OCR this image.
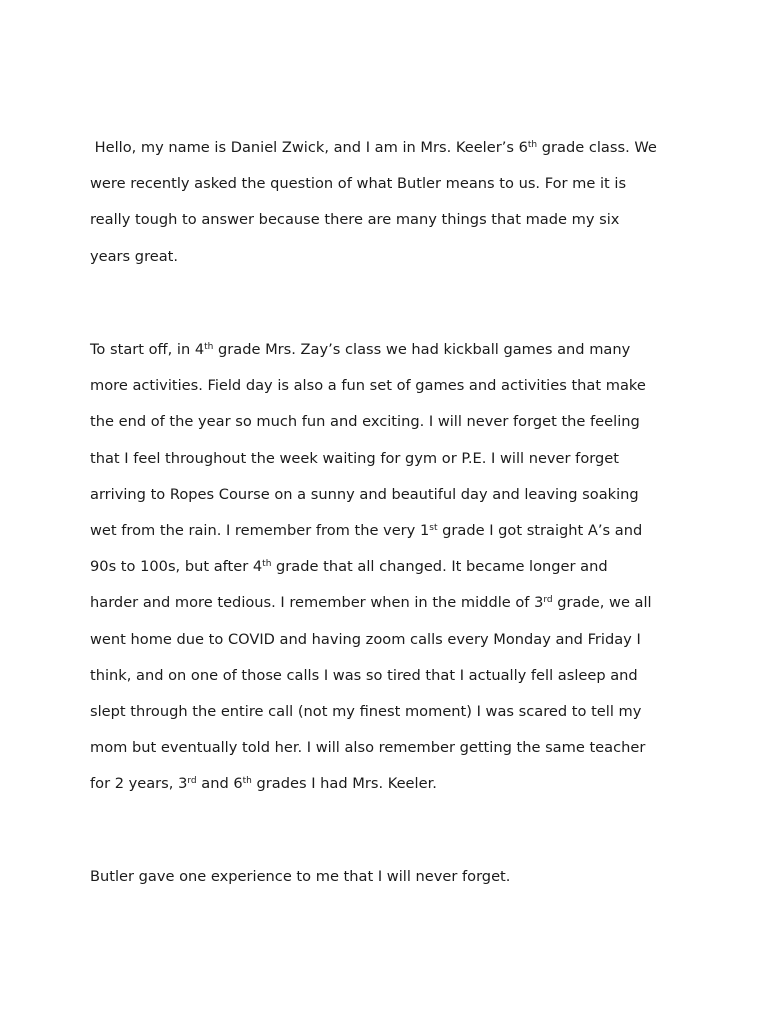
Hello, my name is Daniel Zwick, and I am in Mrs. Keeler’s 6th grade class. We

were recently asked the question of what Butler means to us. For me it is

really tough to answer because there are many things that made my six

years great.

To start off, in 4th grade Mrs. Zay’s class we had kickball games and many

more activities. Field day is also a fun set of games and activities that make

the end of the year so much fun and exciting. I will never forget the feeling

that I feel throughout the week waiting for gym or P.E. I will never forget

arriving to Ropes Course on a sunny and beautiful day and leaving soaking

wet from the rain. I remember from the very 1st grade I got straight A’s and

90s to 100s, but after 4th grade that all changed. It became longer and

harder and more tedious. I remember when in the middle of 3rd grade, we all

went home due to COVID and having zoom calls every Monday and Friday I

think, and on one of those calls I was so tired that I actually fell asleep and

slept through the entire call (not my finest moment) I was scared to tell my

mom but eventually told her. I will also remember getting the same teacher

for 2 years, 3rd and 6th grades I had Mrs. Keeler.

Butler gave one experience to me that I will never forget.
